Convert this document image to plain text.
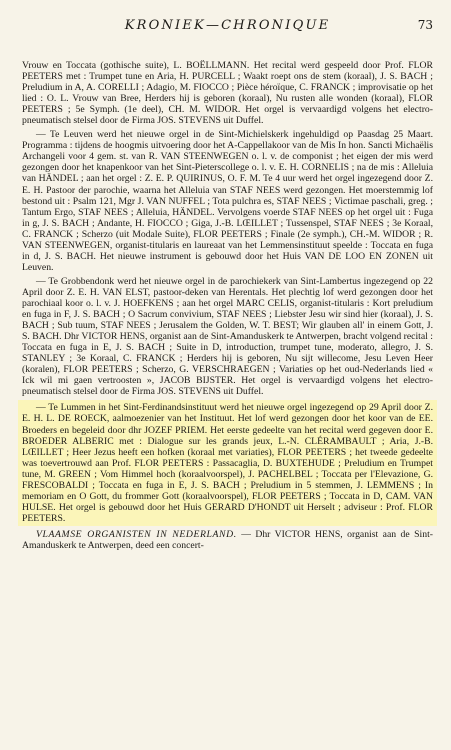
KRONIEK—CHRONIQUE	73

Vrouw en Toccata (gothische suite), L. BOËLLMANN. Het recital werd gespeeld door Prof. FLOR PEETERS met : Trumpet tune en Aria, H. PURCELL ; Waakt roept ons de stem (koraal), J. S. BACH ; Preludium in A, A. CORELLI ; Adagio, M. FIOCCO ; Pièce héroïque, C. FRANCK ; improvisatie op het lied : O. L. Vrouw van Bree, Herders hij is geboren (koraal), Nu rusten alle wonden (koraal), FLOR PEETERS ; 5e Symph. (1e deel), CH. M. WIDOR. Het orgel is vervaardigd volgens het electro-pneumatisch stelsel door de Firma JOS. STEVENS uit Duffel.

— Te Leuven werd het nieuwe orgel in de Sint-Michielskerk ingehuldigd op Paasdag 25 Maart. Programma : tijdens de hoogmis uitvoering door het A-Cappellakoor van de Mis In hon. Sancti Michaëlis Archangeli voor 4 gem. st. van R. VAN STEENWEGEN o. l. v. de componist ; het eigen der mis werd gezongen door het knapenkoor van het Sint-Pieterscollege o. l. v. E. H. CORNELIS ; na de mis : Alleluia van HÄNDEL ; aan het orgel : Z. E. P. QUIRINUS, O. F. M. Te 4 uur werd het orgel ingezegend door Z. E. H. Pastoor der parochie, waarna het Alleluia van STAF NEES werd gezongen. Het moerstemmig lof bestond uit : Psalm 121, Mgr J. VAN NUFFEL ; Tota pulchra es, STAF NEES ; Victimae paschali, greg. ; Tantum Ergo, STAF NEES ; Alleluia, HÄNDEL. Vervolgens voerde STAF NEES op het orgel uit : Fuga in g, J. S. BACH ; Andante, H. FIOCCO ; Giga, J.-B. LŒILLET ; Tussenspel, STAF NEES ; 3e Koraal, C. FRANCK ; Scherzo (uit Modale Suite), FLOR PEETERS ; Finale (2e symph.), CH.-M. WIDOR ; R. VAN STEENWEGEN, organist-titularis en laureaat van het Lemmensinstituut speelde : Toccata en fuga in d, J. S. BACH. Het nieuwe instrument is gebouwd door het Huis VAN DE LOO EN ZONEN uit Leuven.

— Te Grobbendonk werd het nieuwe orgel in de parochiekerk van Sint-Lambertus ingezegend op 22 April door Z. E. H. VAN ELST, pastoor-deken van Herentals. Het plechtig lof werd gezongen door het parochiaal koor o. l. v. J. HOEFKENS ; aan het orgel MARC CELIS, organist-titularis : Kort preludium en fuga in F, J. S. BACH ; O Sacrum convivium, STAF NEES ; Liebster Jesu wir sind hier (koraal), J. S. BACH ; Sub tuum, STAF NEES ; Jerusalem the Golden, W. T. BEST; Wir glauben all' in einem Gott, J. S. BACH. Dhr VICTOR HENS, organist aan de Sint-Amanduskerk te Antwerpen, bracht volgend recital : Toccata en fuga in E, J. S. BACH ; Suite in D, introduction, trumpet tune, moderato, allegro, J. S. STANLEY ; 3e Koraal, C. FRANCK ; Herders hij is geboren, Nu sijt willecome, Jesu Leven Heer (koralen), FLOR PEETERS ; Scherzo, G. VERSCHRAEGEN ; Variaties op het oud-Nederlands lied « Ick wil mi gaen vertroosten », JACOB BIJSTER. Het orgel is vervaardigd volgens het electro-pneumatisch stelsel door de Firma JOS. STEVENS uit Duffel.

— Te Lummen in het Sint-Ferdinandsinstituut werd het nieuwe orgel ingezegend op 29 April door Z. E. H. L. DE ROECK, aalmoezenier van het Instituut. Het lof werd gezongen door het koor van de EE. Broeders en begeleid door dhr JOZEF PRIEM. Het eerste gedeelte van het recital werd gegeven door E. BROEDER ALBERIC met : Dialogue sur les grands jeux, L.-N. CLÉRAMBAULT ; Aria, J.-B. LŒILLET ; Heer Jezus heeft een hofken (koraal met variaties), FLOR PEETERS ; het tweede gedeelte was toevertrouwd aan Prof. FLOR PEETERS : Passacaglia, D. BUXTEHUDE ; Preludium en Trumpet tune, M. GREEN ; Vom Himmel hoch (koraalvoorspel), J. PACHELBEL ; Toccata per l'Elevazione, G. FRESCOBALDI ; Toccata en fuga in E, J. S. BACH ; Preludium in 5 stemmen, J. LEMMENS ; In memoriam en O Gott, du frommer Gott (koraalvoorspel), FLOR PEETERS ; Toccata in D, CAM. VAN HULSE. Het orgel is gebouwd door het Huis GERARD D'HONDT uit Herselt ; adviseur : Prof. FLOR PEETERS.

VLAAMSE ORGANISTEN IN NEDERLAND. — Dhr VICTOR HENS, organist aan de Sint-Amanduskerk te Antwerpen, deed een concert-
